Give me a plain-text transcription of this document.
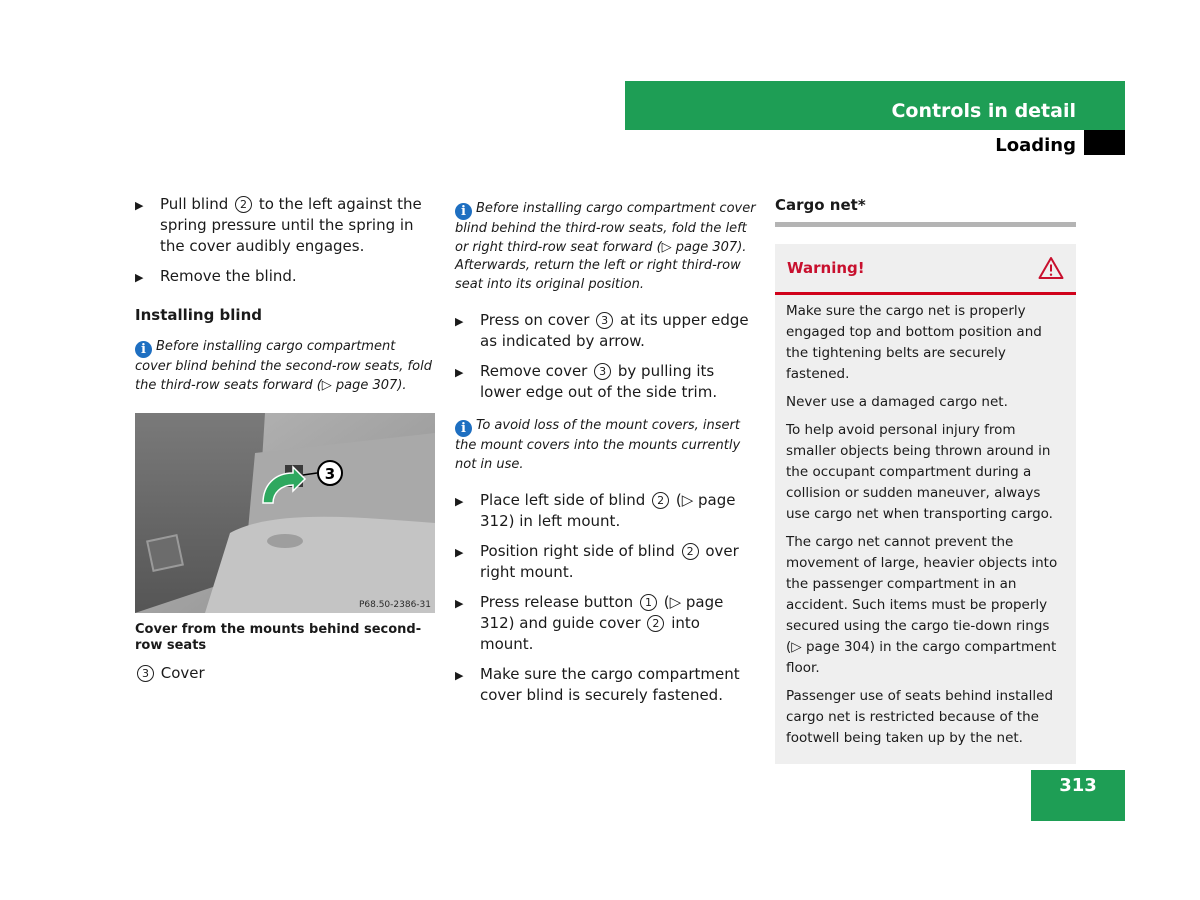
Controls in detail
Loading
▶	Pull blind 2 to the left against the spring pressure until the spring in the cover audibly engages.
▶	Remove the blind.
Installing blind
i Before installing cargo compartment cover blind behind the second-row seats, fold the third-row seats forward (▷ page 307).
3
P68.50-2386-31
Cover from the mounts behind second-row seats
3 Cover
i Before installing cargo compartment cover blind behind the third-row seats, fold the left or right third-row seat forward (▷ page 307). Afterwards, return the left or right third-row seat into its original position.
▶	Press on cover 3 at its upper edge as indicated by arrow.
▶	Remove cover 3 by pulling its lower edge out of the side trim.
i To avoid loss of the mount covers, insert the mount covers into the mounts currently not in use.
▶	Place left side of blind 2 (▷ page 312) in left mount.
▶	Position right side of blind 2 over right mount.
▶	Press release button 1 (▷ page 312) and guide cover 2 into mount.
▶	Make sure the cargo compartment cover blind is securely fastened.
Cargo net*
Warning!

Make sure the cargo net is properly engaged top and bottom position and the tightening belts are securely fastened.

Never use a damaged cargo net.

To help avoid personal injury from smaller objects being thrown around in the occupant compartment during a collision or sudden maneuver, always use cargo net when transporting cargo.

The cargo net cannot prevent the movement of large, heavier objects into the passenger compartment in an accident. Such items must be properly secured using the cargo tie-down rings (▷ page 304) in the cargo compartment floor.

Passenger use of seats behind installed cargo net is restricted because of the footwell being taken up by the net.

313
